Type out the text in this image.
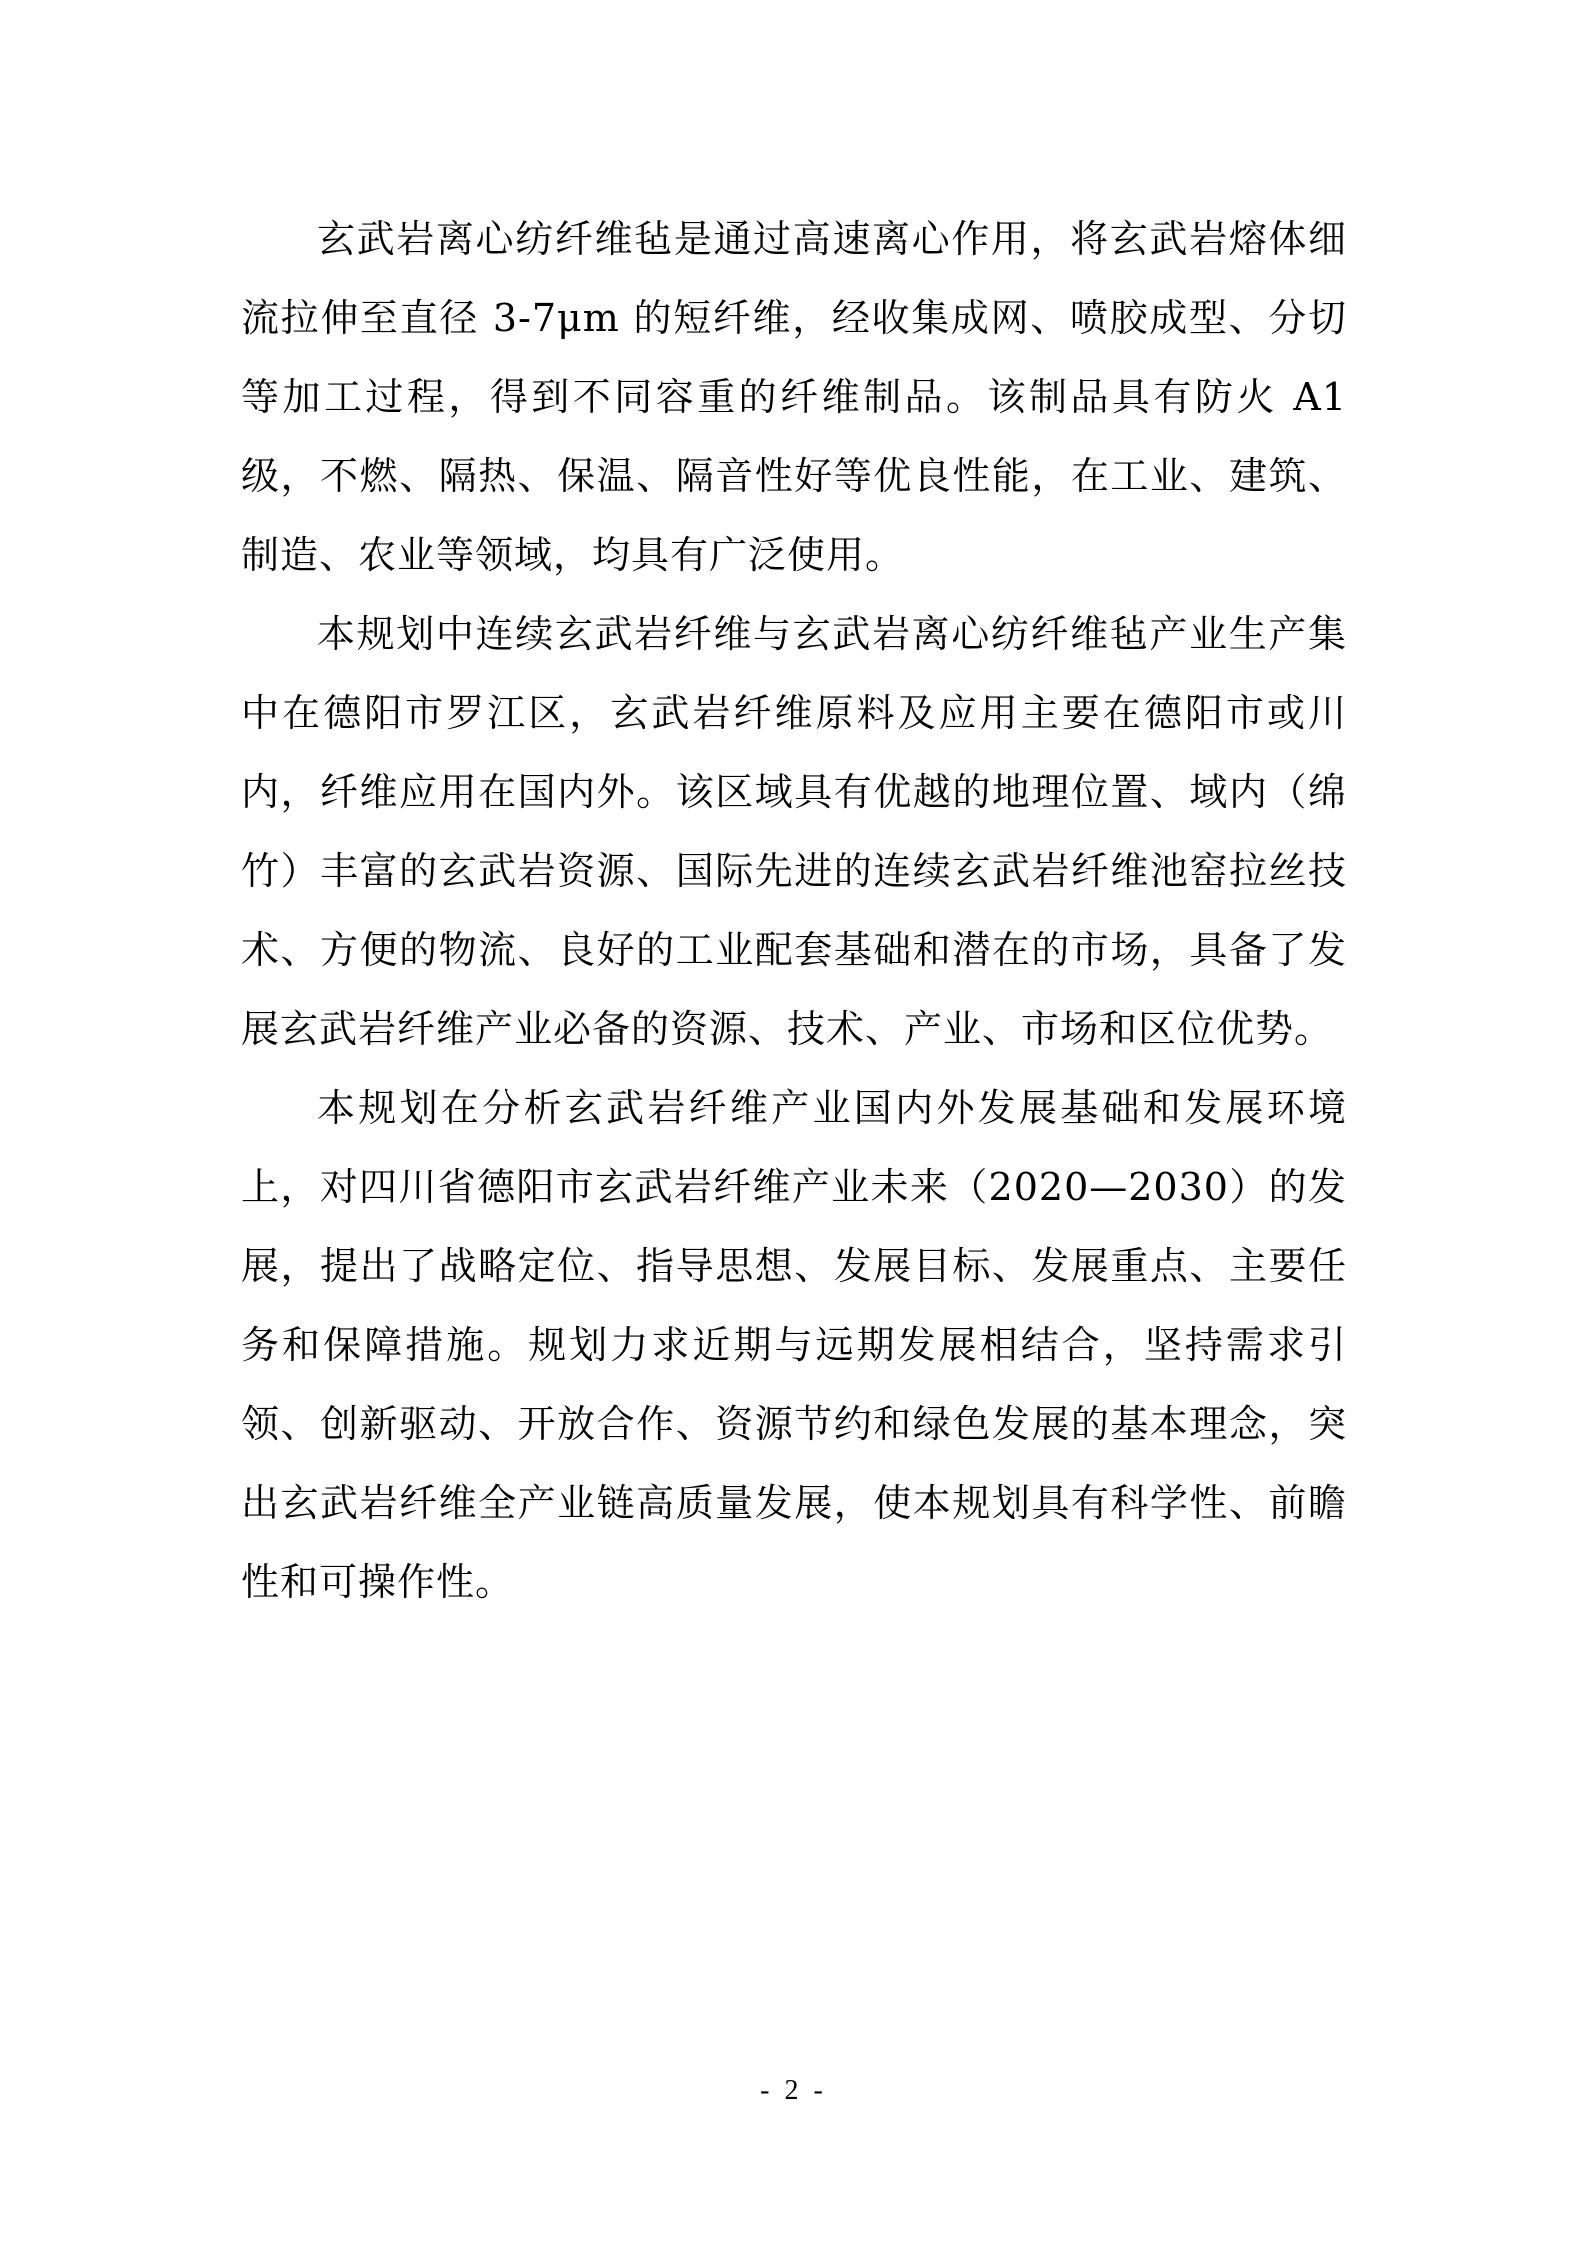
玄武岩离心纺纤维毡是通过高速离心作用，将玄武岩熔体细流拉伸至直径 3-7μm 的短纤维，经收集成网、喷胶成型、分切等加工过程，得到不同容重的纤维制品。该制品具有防火 A1 级，不燃、隔热、保温、隔音性好等优良性能，在工业、建筑、制造、农业等领域，均具有广泛使用。

本规划中连续玄武岩纤维与玄武岩离心纺纤维毡产业生产集中在德阳市罗江区，玄武岩纤维原料及应用主要在德阳市或川内，纤维应用在国内外。该区域具有优越的地理位置、域内（绵竹）丰富的玄武岩资源、国际先进的连续玄武岩纤维池窑拉丝技术、方便的物流、良好的工业配套基础和潜在的市场，具备了发展玄武岩纤维产业必备的资源、技术、产业、市场和区位优势。

本规划在分析玄武岩纤维产业国内外发展基础和发展环境上，对四川省德阳市玄武岩纤维产业未来（2020—2030）的发展，提出了战略定位、指导思想、发展目标、发展重点、主要任务和保障措施。规划力求近期与远期发展相结合，坚持需求引领、创新驱动、开放合作、资源节约和绿色发展的基本理念，突出玄武岩纤维全产业链高质量发展，使本规划具有科学性、前瞻性和可操作性。

- 2 -
